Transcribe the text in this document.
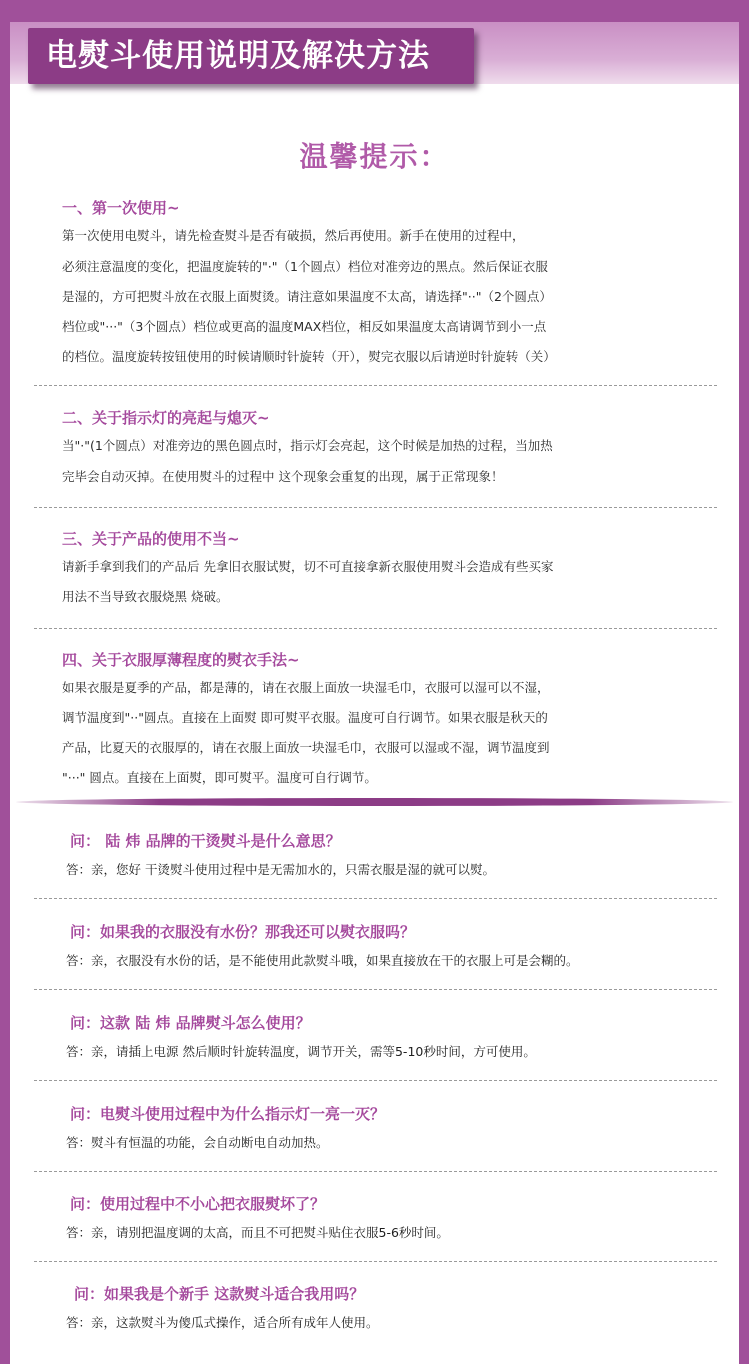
电熨斗使用说明及解决方法
温馨提示：
一、第一次使用~
第一次使用电熨斗，请先检查熨斗是否有破损，然后再使用。新手在使用的过程中，
必须注意温度的变化，把温度旋转的"·"（1个圆点）档位对准旁边的黑点。然后保证衣服
是湿的，方可把熨斗放在衣服上面熨烫。请注意如果温度不太高，请选择"··"（2个圆点）
档位或"···"（3个圆点）档位或更高的温度MAX档位，相反如果温度太高请调节到小一点
的档位。温度旋转按钮使用的时候请顺时针旋转（开），熨完衣服以后请逆时针旋转（关）
二、关于指示灯的亮起与熄灭~
当"·"(1个圆点）对准旁边的黑色圆点时，指示灯会亮起，这个时候是加热的过程，当加热
完毕会自动灭掉。在使用熨斗的过程中 这个现象会重复的出现，属于正常现象！
三、关于产品的使用不当~
请新手拿到我们的产品后 先拿旧衣服试熨，切不可直接拿新衣服使用熨斗会造成有些买家
用法不当导致衣服烧黑 烧破。
四、关于衣服厚薄程度的熨衣手法~
如果衣服是夏季的产品，都是薄的，请在衣服上面放一块湿毛巾，衣服可以湿可以不湿，
调节温度到"··"圆点。直接在上面熨 即可熨平衣服。温度可自行调节。如果衣服是秋天的
产品，比夏天的衣服厚的，请在衣服上面放一块湿毛巾，衣服可以湿或不湿，调节温度到
"···" 圆点。直接在上面熨，即可熨平。温度可自行调节。
问： 陆 炜 品牌的干烫熨斗是什么意思？
答：亲，您好 干烫熨斗使用过程中是无需加水的，只需衣服是湿的就可以熨。
问：如果我的衣服没有水份？那我还可以熨衣服吗？
答：亲，衣服没有水份的话，是不能使用此款熨斗哦，如果直接放在干的衣服上可是会糊的。
问：这款 陆 炜 品牌熨斗怎么使用？
答：亲，请插上电源 然后顺时针旋转温度，调节开关，需等5-10秒时间，方可使用。
问：电熨斗使用过程中为什么指示灯一亮一灭？
答：熨斗有恒温的功能，会自动断电自动加热。
问：使用过程中不小心把衣服熨坏了？
答：亲，请别把温度调的太高，而且不可把熨斗贴住衣服5-6秒时间。
问：如果我是个新手 这款熨斗适合我用吗？
答：亲，这款熨斗为傻瓜式操作，适合所有成年人使用。
